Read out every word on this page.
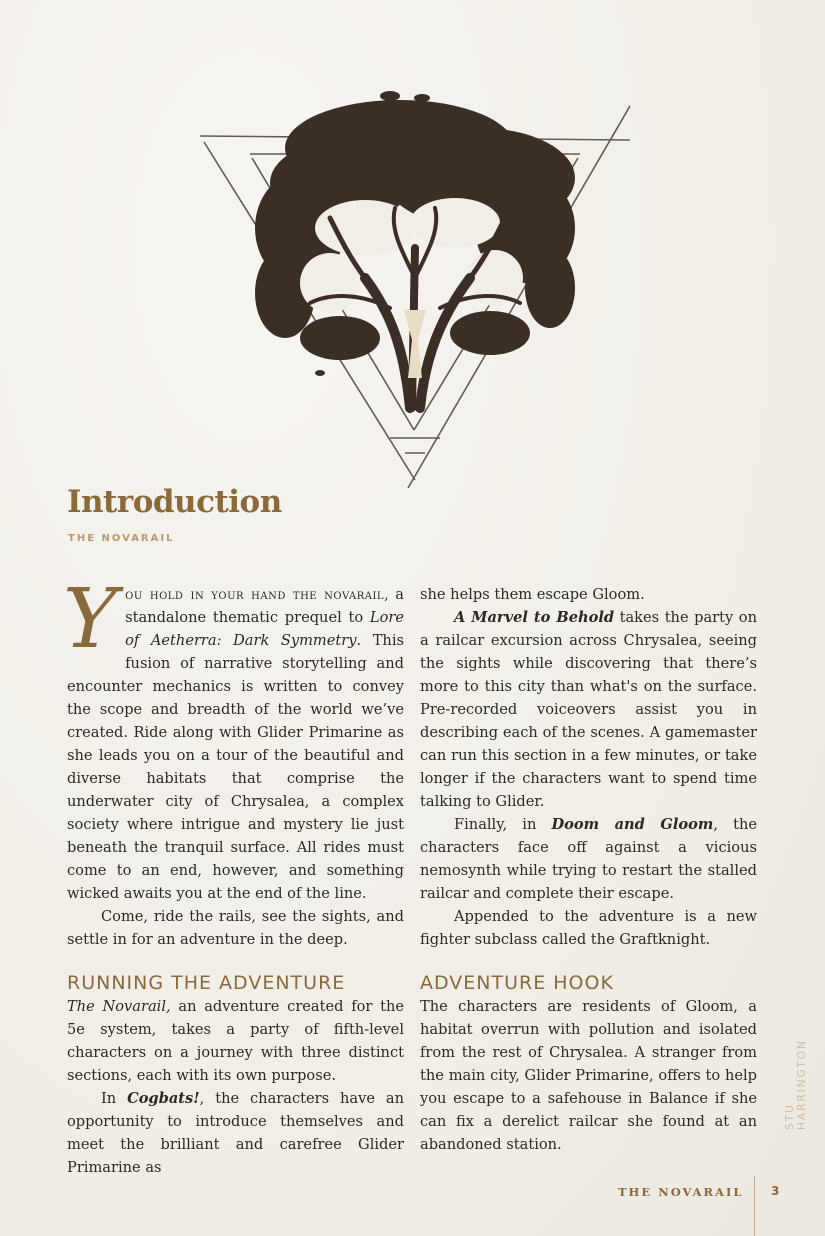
Introduction
THE NOVARAIL

You hold in your hand the novarail, a standalone thematic prequel to Lore of Aetherra: Dark Symmetry. This fusion of narrative storytelling and encounter mechanics is written to convey the scope and breadth of the world we’ve created. Ride along with Glider Primarine as she leads you on a tour of the beautiful and diverse habitats that comprise the underwater city of Chrysalea, a complex society where intrigue and mystery lie just beneath the tranquil surface. All rides must come to an end, however, and something wicked awaits you at the end of the line.

Come, ride the rails, see the sights, and settle in for an adventure in the deep.

she helps them escape Gloom.

A Marvel to Behold takes the party on a railcar excursion across Chrysalea, seeing the sights while discovering that there’s more to this city than what's on the surface. Pre-recorded voiceovers assist you in describing each of the scenes. A gamemaster can run this section in a few minutes, or take longer if the characters want to spend time talking to Glider.

Finally, in Doom and Gloom, the characters face off against a vicious nemosynth while trying to restart the stalled railcar and complete their escape.

Appended to the adventure is a new fighter subclass called the Graftknight.

RUNNING THE ADVENTURE	ADVENTURE HOOK

The Novarail, an adventure created for the 5e system, takes a party of fifth-level characters on a journey with three distinct sections, each with its own purpose.

In Cogbats!, the characters have an opportunity to introduce themselves and meet the brilliant and carefree Glider Primarine as

The characters are residents of Gloom, a habitat overrun with pollution and isolated from the rest of Chrysalea. A stranger from the main city, Glider Primarine, offers to help you escape to a safehouse in Balance if she can fix a derelict railcar she found at an abandoned station.

STU HARRINGTON
THE NOVARAIL 3
